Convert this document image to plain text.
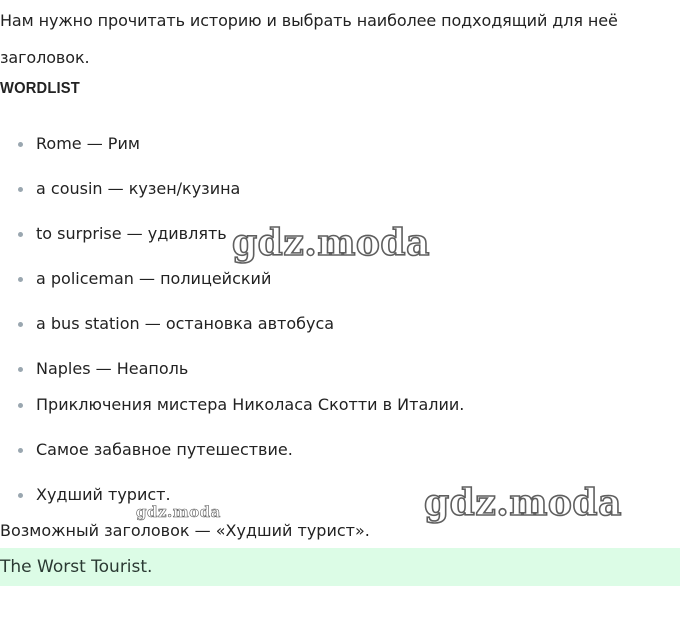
Нам нужно прочитать историю и выбрать наиболее подходящий для неё заголовок.
WORDLIST
Rome — Рим
a cousin — кузен/кузина
to surprise — удивлять
a policeman — полицейский
a bus station — остановка автобуса
Naples — Неаполь
Приключения мистера Николаса Скотти в Италии.
Самое забавное путешествие.
Худший турист.
gdz.moda
gdz.moda
gdz.moda
Возможный заголовок — «Худший турист».
The Worst Tourist.
